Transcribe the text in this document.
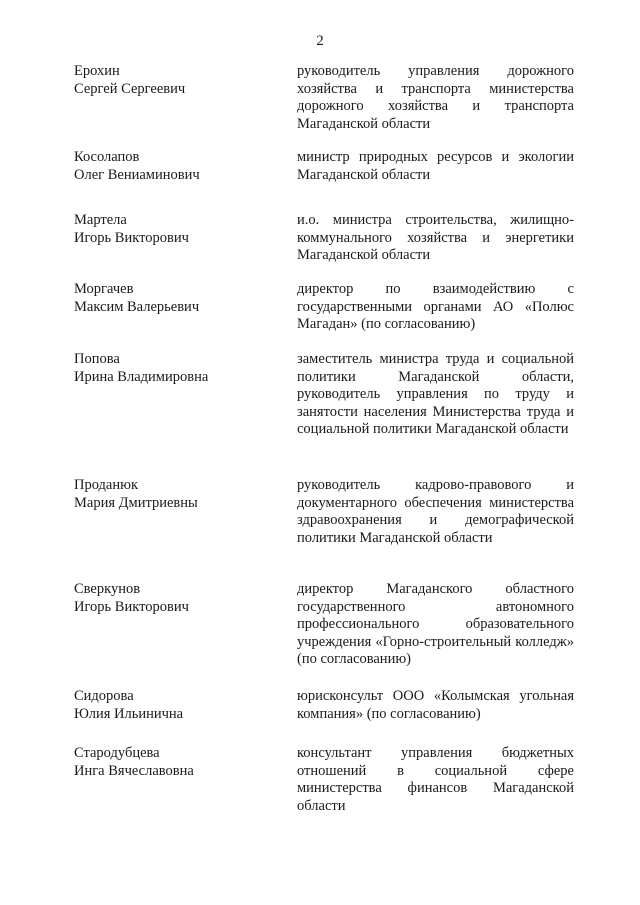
2
Ерохин
Сергей Сергеевич
руководитель управления дорожного хозяйства и транспорта министерства дорожного хозяйства и транспорта Магаданской области
Косолапов
Олег Вениаминович
министр природных ресурсов и экологии Магаданской области
Мартела
Игорь Викторович
и.о. министра строительства, жилищно-коммунального хозяйства и энергетики Магаданской области
Моргачев
Максим Валерьевич
директор по взаимодействию с государственными органами АО «Полюс Магадан» (по согласованию)
Попова
Ирина Владимировна
заместитель министра труда и социальной политики Магаданской области, руководитель управления по труду и занятости населения Министерства труда и социальной политики Магаданской области
Проданюк
Мария Дмитриевны
руководитель кадрово-правового и документарного обеспечения министерства здравоохранения и демографической политики Магаданской области
Сверкунов
Игорь Викторович
директор Магаданского областного государственного автономного профессионального образовательного учреждения «Горно-строительный колледж» (по согласованию)
Сидорова
Юлия Ильинична
юрисконсульт ООО «Колымская угольная компания» (по согласованию)
Стародубцева
Инга Вячеславовна
консультант управления бюджетных отношений в социальной сфере министерства финансов Магаданской области
